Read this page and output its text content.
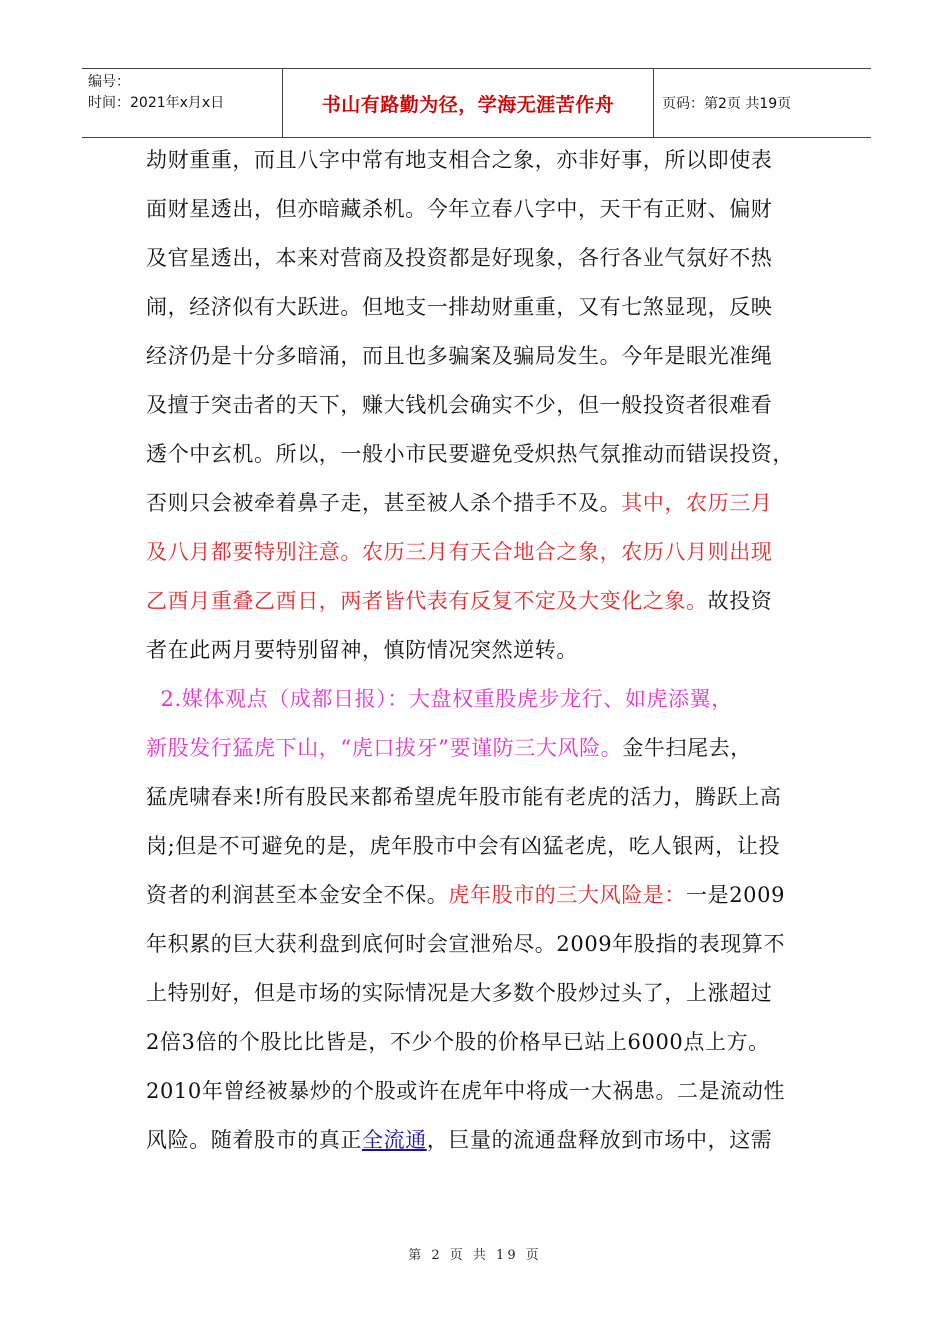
编号：
时间：2021年x月x日	书山有路勤为径，学海无涯苦作舟	页码：第2页 共19页
劫财重重，而且八字中常有地支相合之象，亦非好事，所以即使表
面财星透出，但亦暗藏杀机。今年立春八字中，天干有正财、偏财
及官星透出，本来对营商及投资都是好现象，各行各业气氛好不热
闹，经济似有大跃进。但地支一排劫财重重，又有七煞显现，反映
经济仍是十分多暗涌，而且也多骗案及骗局发生。今年是眼光准绳
及擅于突击者的天下，赚大钱机会确实不少，但一般投资者很难看
透个中玄机。所以，一般小市民要避免受炽热气氛推动而错误投资，
否则只会被牵着鼻子走，甚至被人杀个措手不及。其中，农历三月
及八月都要特别注意。农历三月有天合地合之象，农历八月则出现
乙酉月重叠乙酉日，两者皆代表有反复不定及大变化之象。故投资
者在此两月要特别留神，慎防情况突然逆转。
2.媒体观点（成都日报）：大盘权重股虎步龙行、如虎添翼，
新股发行猛虎下山，“虎口拔牙”要谨防三大风险。金牛扫尾去，
猛虎啸春来!所有股民来都希望虎年股市能有老虎的活力，腾跃上高
岗;但是不可避免的是，虎年股市中会有凶猛老虎，吃人银两，让投
资者的利润甚至本金安全不保。虎年股市的三大风险是：一是2009
年积累的巨大获利盘到底何时会宣泄殆尽。2009年股指的表现算不
上特别好，但是市场的实际情况是大多数个股炒过头了，上涨超过
2倍3倍的个股比比皆是，不少个股的价格早已站上6000点上方。
2010年曾经被暴炒的个股或许在虎年中将成一大祸患。二是流动性
风险。随着股市的真正全流通，巨量的流通盘释放到市场中，这需
第 2 页 共 19 页
